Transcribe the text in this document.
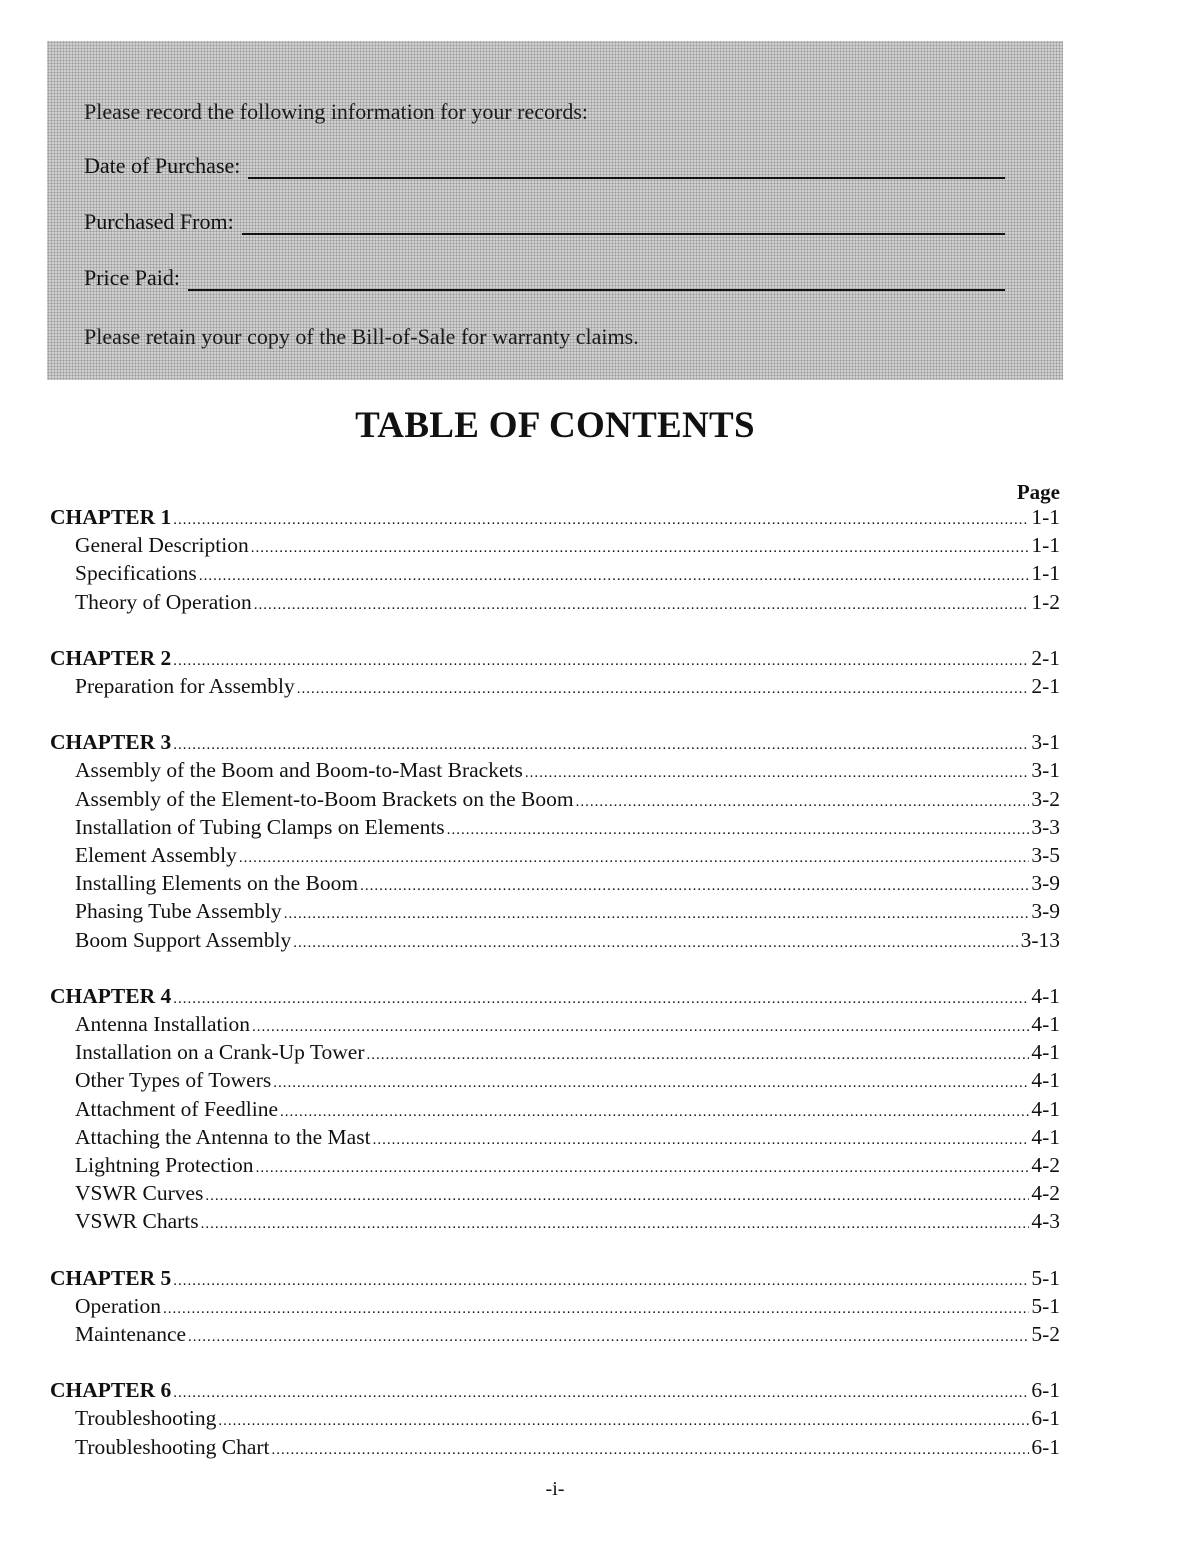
Please record the following information for your records:
Date of Purchase:
Purchased From:
Price Paid:
Please retain your copy of the Bill-of-Sale for warranty claims.
TABLE OF CONTENTS
Page
CHAPTER 1 .....	1-1
General Description .....	1-1
Specifications .....	1-1
Theory of Operation .....	1-2
CHAPTER 2 .....	2-1
Preparation for Assembly .....	2-1
CHAPTER 3 .....	3-1
Assembly of the Boom and Boom-to-Mast Brackets .....	3-1
Assembly of the Element-to-Boom Brackets on the Boom .....	3-2
Installation of Tubing Clamps on Elements .....	3-3
Element Assembly .....	3-5
Installing Elements on the Boom .....	3-9
Phasing Tube Assembly .....	3-9
Boom Support Assembly .....	3-13
CHAPTER 4 .....	4-1
Antenna Installation .....	4-1
Installation on a Crank-Up Tower .....	4-1
Other Types of Towers .....	4-1
Attachment of Feedline .....	4-1
Attaching the Antenna to the Mast .....	4-1
Lightning Protection .....	4-2
VSWR Curves .....	4-2
VSWR Charts .....	4-3
CHAPTER 5 .....	5-1
Operation .....	5-1
Maintenance .....	5-2
CHAPTER 6 .....	6-1
Troubleshooting .....	6-1
Troubleshooting Chart .....	6-1
-i-
